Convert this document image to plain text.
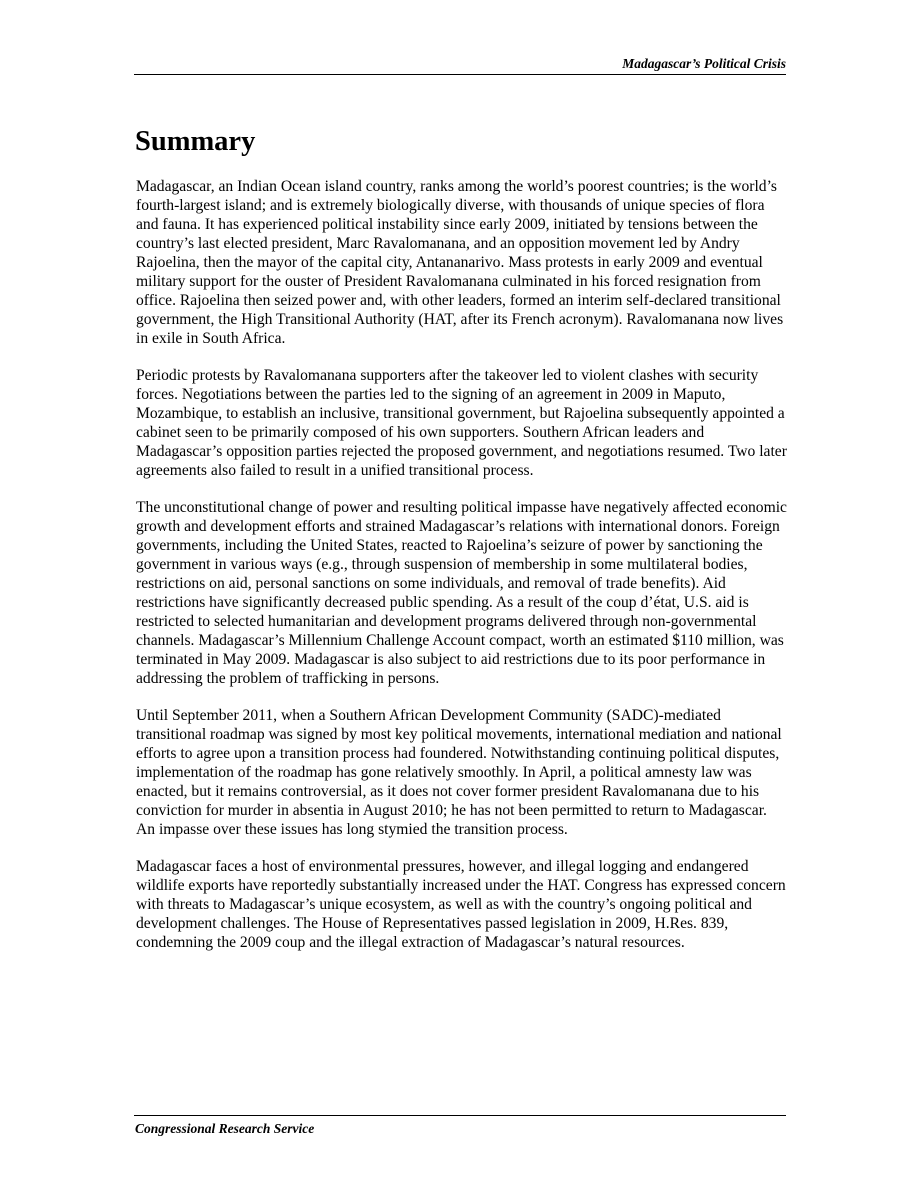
Madagascar’s Political Crisis
Summary

Madagascar, an Indian Ocean island country, ranks among the world’s poorest countries; is the world’s fourth-largest island; and is extremely biologically diverse, with thousands of unique species of flora and fauna. It has experienced political instability since early 2009, initiated by tensions between the country’s last elected president, Marc Ravalomanana, and an opposition movement led by Andry Rajoelina, then the mayor of the capital city, Antananarivo. Mass protests in early 2009 and eventual military support for the ouster of President Ravalomanana culminated in his forced resignation from office. Rajoelina then seized power and, with other leaders, formed an interim self-declared transitional government, the High Transitional Authority (HAT, after its French acronym). Ravalomanana now lives in exile in South Africa.

Periodic protests by Ravalomanana supporters after the takeover led to violent clashes with security forces. Negotiations between the parties led to the signing of an agreement in 2009 in Maputo, Mozambique, to establish an inclusive, transitional government, but Rajoelina subsequently appointed a cabinet seen to be primarily composed of his own supporters. Southern African leaders and Madagascar’s opposition parties rejected the proposed government, and negotiations resumed. Two later agreements also failed to result in a unified transitional process.

The unconstitutional change of power and resulting political impasse have negatively affected economic growth and development efforts and strained Madagascar’s relations with international donors. Foreign governments, including the United States, reacted to Rajoelina’s seizure of power by sanctioning the government in various ways (e.g., through suspension of membership in some multilateral bodies, restrictions on aid, personal sanctions on some individuals, and removal of trade benefits). Aid restrictions have significantly decreased public spending. As a result of the coup d’état, U.S. aid is restricted to selected humanitarian and development programs delivered through non-governmental channels. Madagascar’s Millennium Challenge Account compact, worth an estimated $110 million, was terminated in May 2009. Madagascar is also subject to aid restrictions due to its poor performance in addressing the problem of trafficking in persons.

Until September 2011, when a Southern African Development Community (SADC)-mediated transitional roadmap was signed by most key political movements, international mediation and national efforts to agree upon a transition process had foundered. Notwithstanding continuing political disputes, implementation of the roadmap has gone relatively smoothly. In April, a political amnesty law was enacted, but it remains controversial, as it does not cover former president Ravalomanana due to his conviction for murder in absentia in August 2010; he has not been permitted to return to Madagascar. An impasse over these issues has long stymied the transition process.

Madagascar faces a host of environmental pressures, however, and illegal logging and endangered wildlife exports have reportedly substantially increased under the HAT. Congress has expressed concern with threats to Madagascar’s unique ecosystem, as well as with the country’s ongoing political and development challenges. The House of Representatives passed legislation in 2009, H.Res. 839, condemning the 2009 coup and the illegal extraction of Madagascar’s natural resources.

Congressional Research Service
